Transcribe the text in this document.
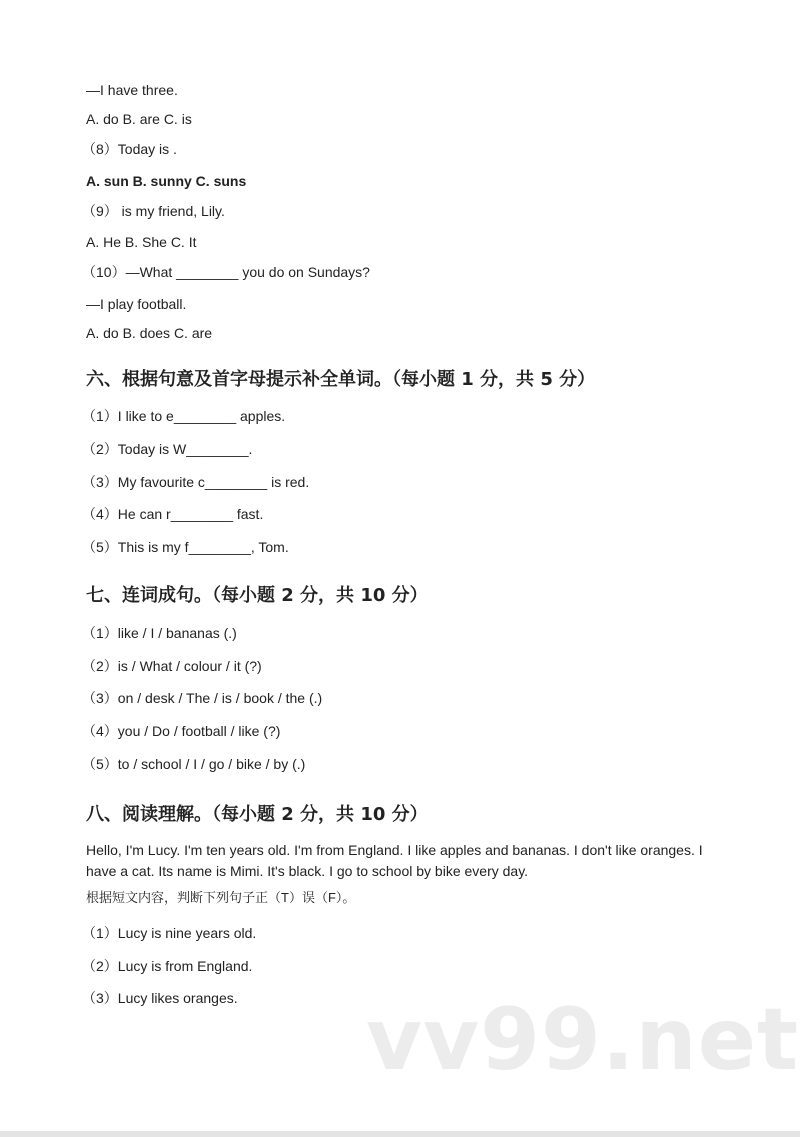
—I have three.
A. do B. are C. is
（8）Today is .
A. sun B. sunny C. suns
（9） is my friend, Lily.
A. He B. She C. It
（10）—What ________ you do on Sundays?
—I play football.
A. do B. does C. are
六、根据句意及首字母提示补全单词。（每小题 1 分，共 5 分）
（1）I like to e________ apples.
（2）Today is W________.
（3）My favourite c________ is red.
（4）He can r________ fast.
（5）This is my f________, Tom.
七、连词成句。（每小题 2 分，共 10 分）
（1）like / I / bananas (.)
（2）is / What / colour / it (?)
（3）on / desk / The / is / book / the (.)
（4）you / Do / football / like (?)
（5）to / school / I / go / bike / by (.)
八、阅读理解。（每小题 2 分，共 10 分）
Hello, I'm Lucy. I'm ten years old. I'm from England. I like apples and bananas. I don't like oranges. I have a cat. Its name is Mimi. It's black. I go to school by bike every day.
根据短文内容，判断下列句子正（T）误（F）。
（1）Lucy is nine years old.
（2）Lucy is from England.
（3）Lucy likes oranges. vv99.net
